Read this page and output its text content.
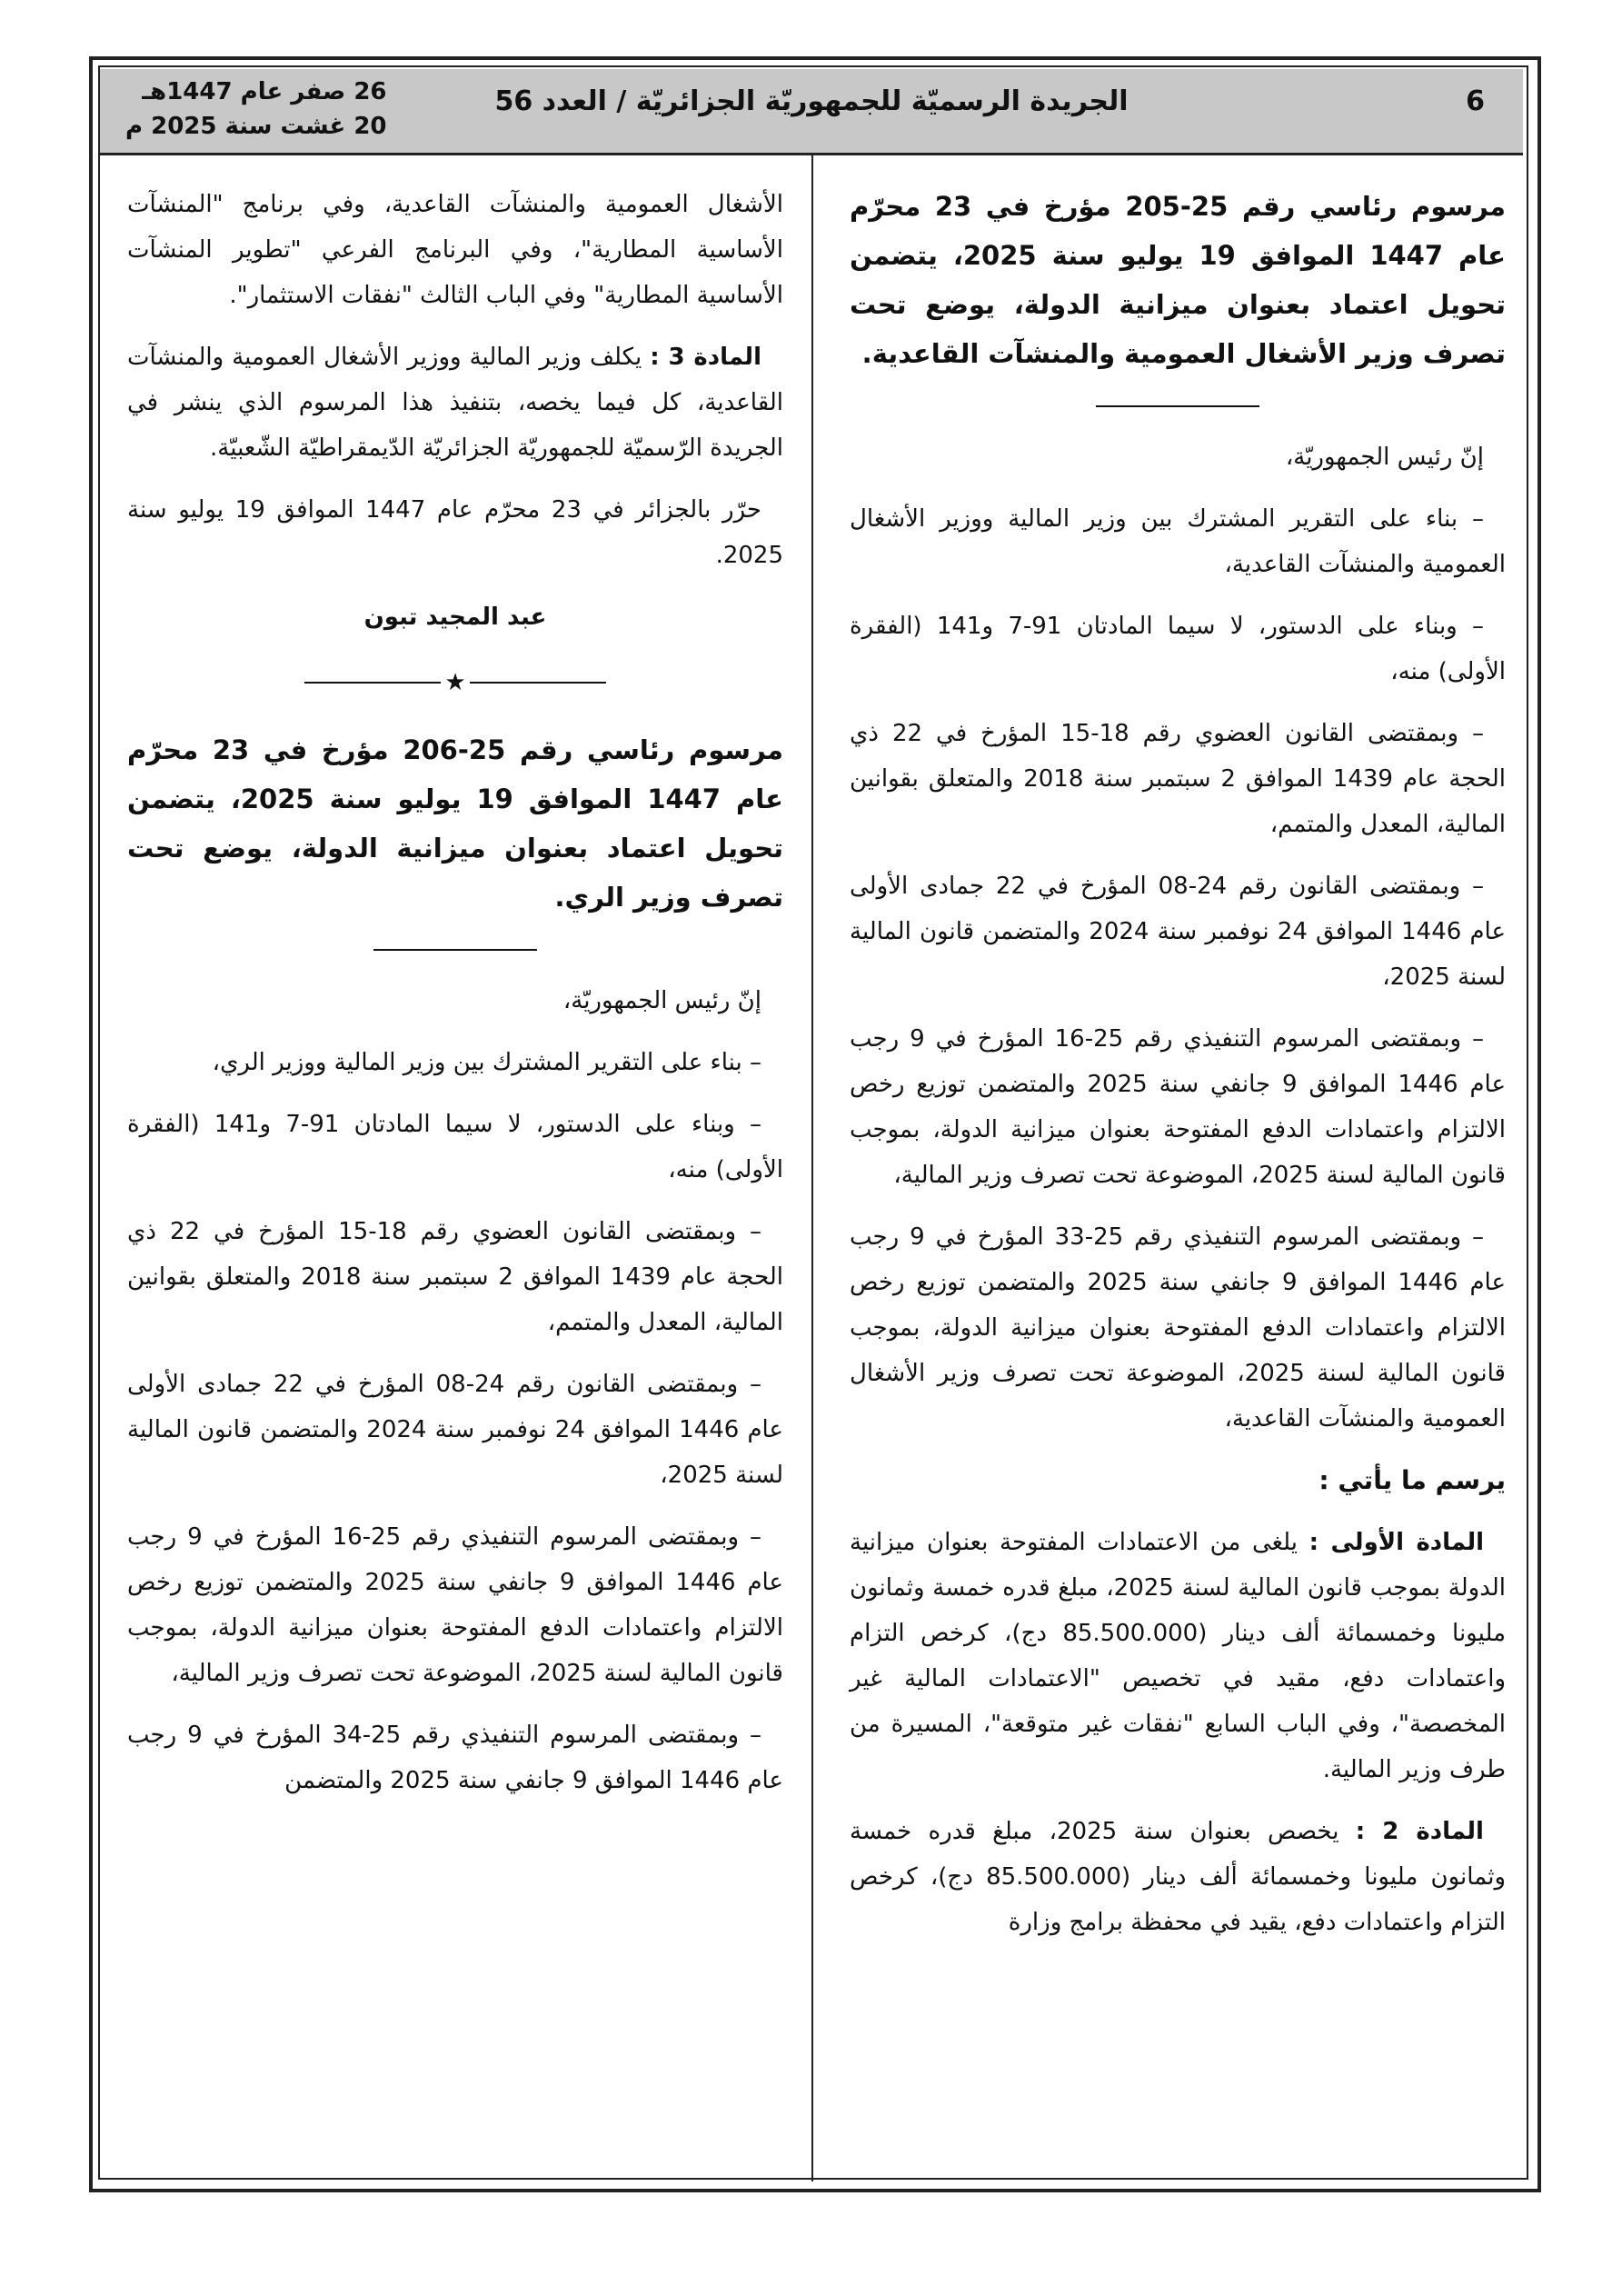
6
الجريدة الرسميّة للجمهوريّة الجزائريّة / العدد 56
26 صفر عام 1447هـ
20 غشت سنة 2025 م

مرسوم رئاسي رقم 25-205 مؤرخ في 23 محرّم عام 1447 الموافق 19 يوليو سنة 2025، يتضمن تحويل اعتماد بعنوان ميزانية الدولة، يوضع تحت تصرف وزير الأشغال العمومية والمنشآت القاعدية.

إنّ رئيس الجمهوريّة،

– بناء على التقرير المشترك بين وزير المالية ووزير الأشغال العمومية والمنشآت القاعدية،

– وبناء على الدستور، لا سيما المادتان 91-7 و141 (الفقرة الأولى) منه،

– وبمقتضى القانون العضوي رقم 18-15 المؤرخ في 22 ذي الحجة عام 1439 الموافق 2 سبتمبر سنة 2018 والمتعلق بقوانين المالية، المعدل والمتمم،

– وبمقتضى القانون رقم 24-08 المؤرخ في 22 جمادى الأولى عام 1446 الموافق 24 نوفمبر سنة 2024 والمتضمن قانون المالية لسنة 2025،

– وبمقتضى المرسوم التنفيذي رقم 25-16 المؤرخ في 9 رجب عام 1446 الموافق 9 جانفي سنة 2025 والمتضمن توزيع رخص الالتزام واعتمادات الدفع المفتوحة بعنوان ميزانية الدولة، بموجب قانون المالية لسنة 2025، الموضوعة تحت تصرف وزير المالية،

– وبمقتضى المرسوم التنفيذي رقم 25-33 المؤرخ في 9 رجب عام 1446 الموافق 9 جانفي سنة 2025 والمتضمن توزيع رخص الالتزام واعتمادات الدفع المفتوحة بعنوان ميزانية الدولة، بموجب قانون المالية لسنة 2025، الموضوعة تحت تصرف وزير الأشغال العمومية والمنشآت القاعدية،

يرسم ما يأتي :

المادة الأولى : يلغى من الاعتمادات المفتوحة بعنوان ميزانية الدولة بموجب قانون المالية لسنة 2025، مبلغ قدره خمسة وثمانون مليونا وخمسمائة ألف دينار (85.500.000 دج)، كرخص التزام واعتمادات دفع، مقيد في تخصيص "الاعتمادات المالية غير المخصصة"، وفي الباب السابع "نفقات غير متوقعة"، المسيرة من طرف وزير المالية.

المادة 2 : يخصص بعنوان سنة 2025، مبلغ قدره خمسة وثمانون مليونا وخمسمائة ألف دينار (85.500.000 دج)، كرخص التزام واعتمادات دفع، يقيد في محفظة برامج وزارة

الأشغال العمومية والمنشآت القاعدية، وفي برنامج "المنشآت الأساسية المطارية"، وفي البرنامج الفرعي "تطوير المنشآت الأساسية المطارية" وفي الباب الثالث "نفقات الاستثمار".

المادة 3 : يكلف وزير المالية ووزير الأشغال العمومية والمنشآت القاعدية، كل فيما يخصه، بتنفيذ هذا المرسوم الذي ينشر في الجريدة الرّسميّة للجمهوريّة الجزائريّة الدّيمقراطيّة الشّعبيّة.

حرّر بالجزائر في 23 محرّم عام 1447 الموافق 19 يوليو سنة 2025.

عبد المجيد تبون

★

مرسوم رئاسي رقم 25-206 مؤرخ في 23 محرّم عام 1447 الموافق 19 يوليو سنة 2025، يتضمن تحويل اعتماد بعنوان ميزانية الدولة، يوضع تحت تصرف وزير الري.

إنّ رئيس الجمهوريّة،

– بناء على التقرير المشترك بين وزير المالية ووزير الري،

– وبناء على الدستور، لا سيما المادتان 91-7 و141 (الفقرة الأولى) منه،

– وبمقتضى القانون العضوي رقم 18-15 المؤرخ في 22 ذي الحجة عام 1439 الموافق 2 سبتمبر سنة 2018 والمتعلق بقوانين المالية، المعدل والمتمم،

– وبمقتضى القانون رقم 24-08 المؤرخ في 22 جمادى الأولى عام 1446 الموافق 24 نوفمبر سنة 2024 والمتضمن قانون المالية لسنة 2025،

– وبمقتضى المرسوم التنفيذي رقم 25-16 المؤرخ في 9 رجب عام 1446 الموافق 9 جانفي سنة 2025 والمتضمن توزيع رخص الالتزام واعتمادات الدفع المفتوحة بعنوان ميزانية الدولة، بموجب قانون المالية لسنة 2025، الموضوعة تحت تصرف وزير المالية،

– وبمقتضى المرسوم التنفيذي رقم 25-34 المؤرخ في 9 رجب عام 1446 الموافق 9 جانفي سنة 2025 والمتضمن
